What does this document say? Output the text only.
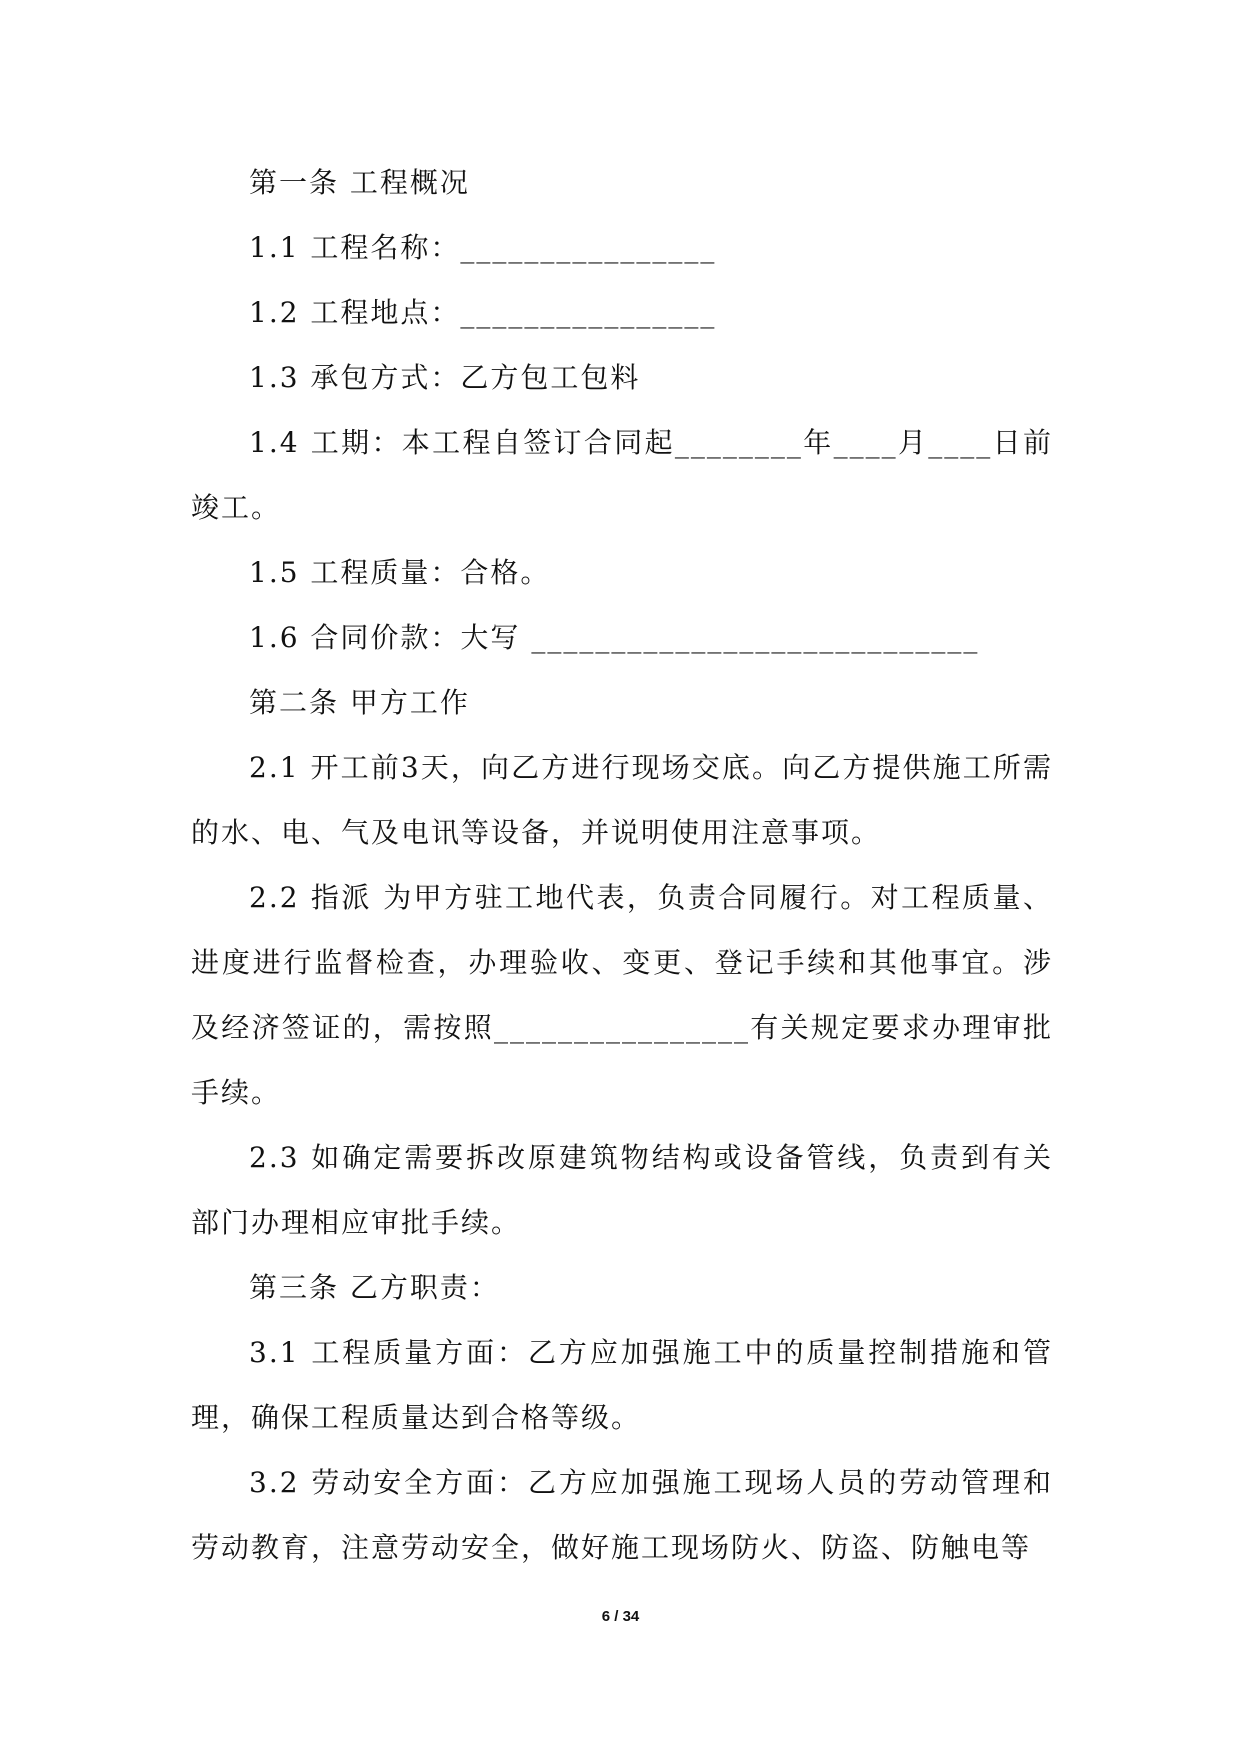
第一条 工程概况

1.1 工程名称：________________

1.2 工程地点：________________

1.3 承包方式：乙方包工包料

1.4 工期：本工程自签订合同起________年____月____日前竣工。

1.5 工程质量：合格。

1.6 合同价款：大写 ____________________________

第二条 甲方工作

2.1 开工前3天，向乙方进行现场交底。向乙方提供施工所需的水、电、气及电讯等设备，并说明使用注意事项。

2.2 指派 为甲方驻工地代表，负责合同履行。对工程质量、进度进行监督检查，办理验收、变更、登记手续和其他事宜。涉及经济签证的，需按照________________有关规定要求办理审批手续。

2.3 如确定需要拆改原建筑物结构或设备管线，负责到有关部门办理相应审批手续。

第三条 乙方职责：

3.1 工程质量方面：乙方应加强施工中的质量控制措施和管理，确保工程质量达到合格等级。

3.2 劳动安全方面：乙方应加强施工现场人员的劳动管理和劳动教育，注意劳动安全，做好施工现场防火、防盗、防触电等

6 / 34
